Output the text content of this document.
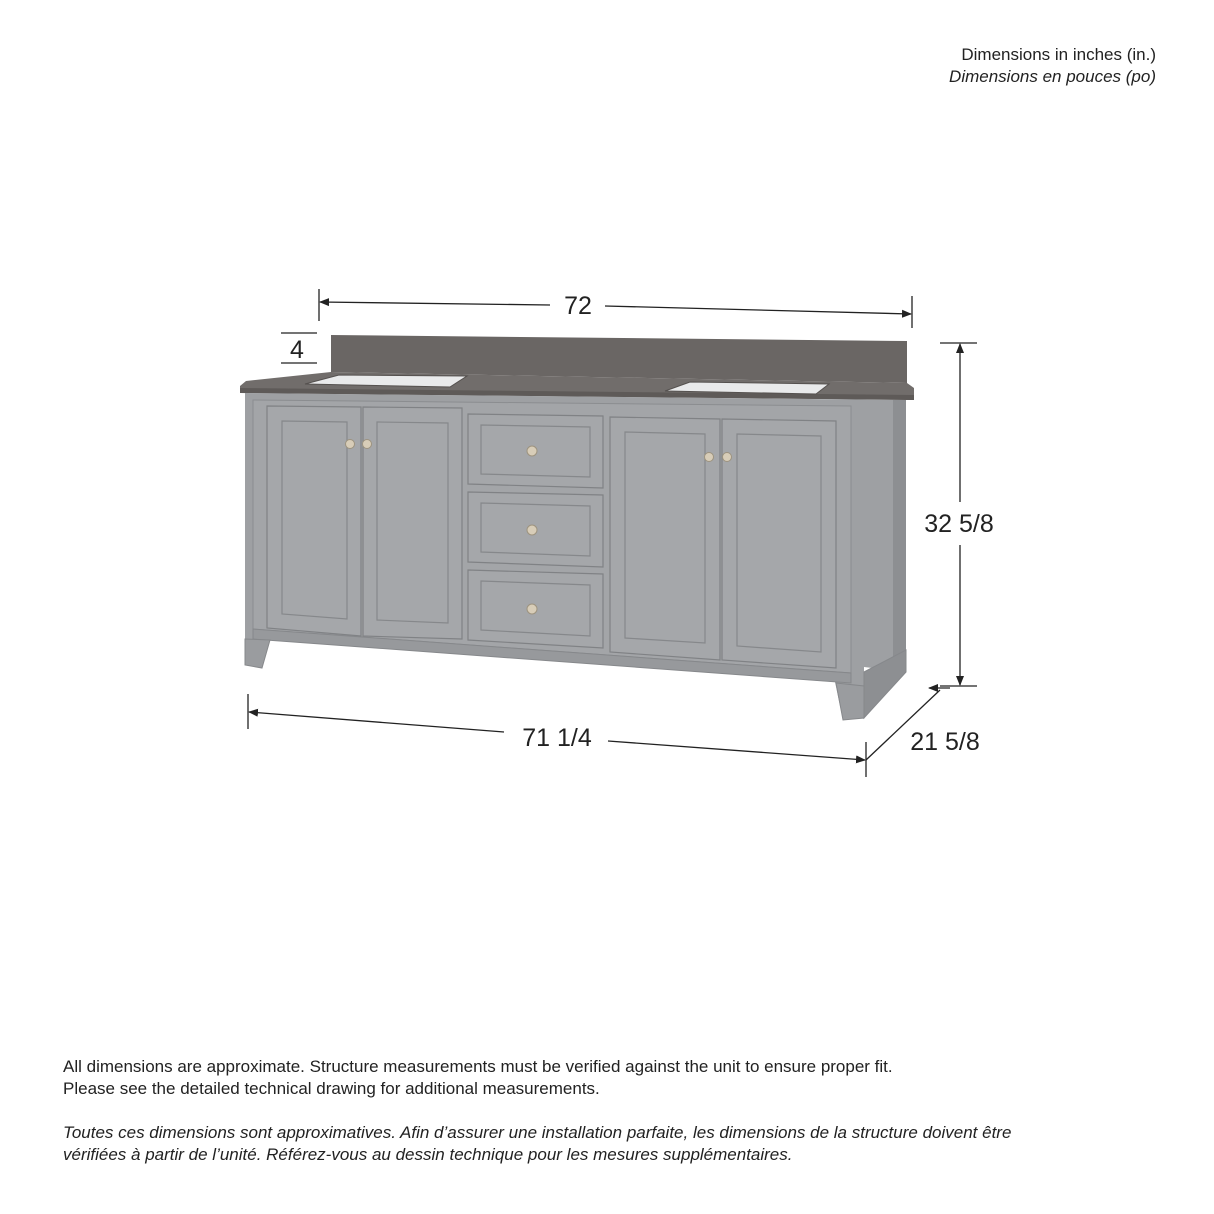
Dimensions in inches (in.)
Dimensions en pouces (po)
72
4
32 5/8
71 1/4	21 5/8

All dimensions are approximate. Structure measurements must be verified against the unit to ensure proper fit.

Please see the detailed technical drawing for additional measurements.

Toutes ces dimensions sont approximatives. Afin d’assurer une installation parfaite, les dimensions de la structure doivent être

vérifiées à partir de l’unité. Référez-vous au dessin technique pour les mesures supplémentaires.
